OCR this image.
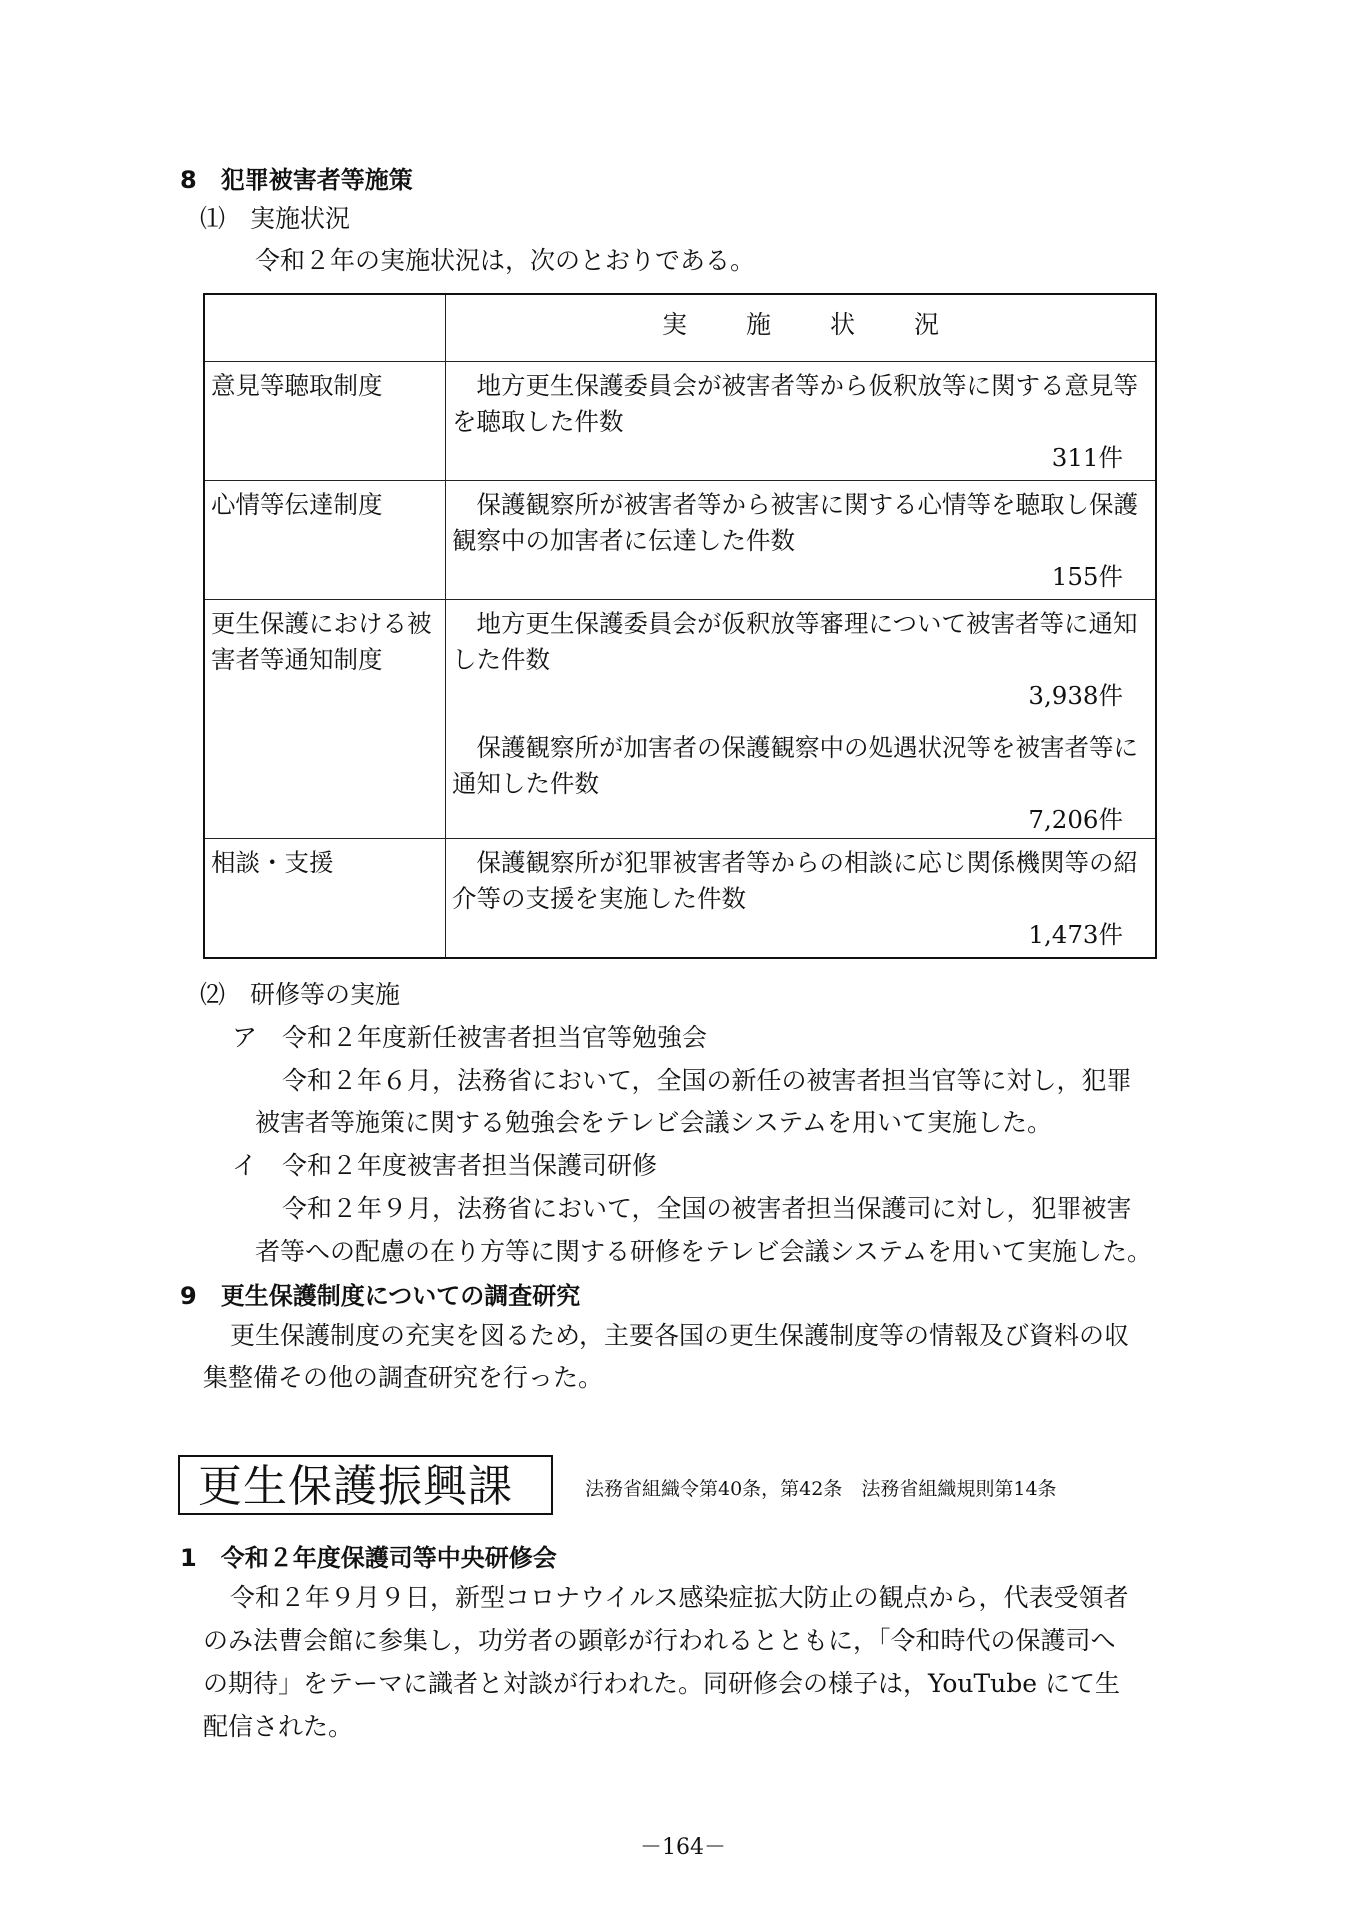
8　犯罪被害者等施策
⑴　実施状況
令和２年の実施状況は，次のとおりである。
	実 施 状 況
意見等聴取制度	地方更生保護委員会が被害者等から仮釈放等に関する意見等を聴取した件数
311件

心情等伝達制度	保護観察所が被害者等から被害に関する心情等を聴取し保護観察中の加害者に伝達した件数
155件

更生保護における被害者等通知制度	地方更生保護委員会が仮釈放等審理について被害者等に通知した件数
3,938件
保護観察所が加害者の保護観察中の処遇状況等を被害者等に通知した件数
7,206件

相談・支援	保護観察所が犯罪被害者等からの相談に応じ関係機関等の紹介等の支援を実施した件数
1,473件
⑵　研修等の実施
ア　令和２年度新任被害者担当官等勉強会
令和２年６月，法務省において，全国の新任の被害者担当官等に対し，犯罪
被害者等施策に関する勉強会をテレビ会議システムを用いて実施した。
イ　令和２年度被害者担当保護司研修
令和２年９月，法務省において，全国の被害者担当保護司に対し，犯罪被害
者等への配慮の在り方等に関する研修をテレビ会議システムを用いて実施した。
9　更生保護制度についての調査研究
更生保護制度の充実を図るため，主要各国の更生保護制度等の情報及び資料の収
集整備その他の調査研究を行った。
更生保護振興課	法務省組織令第40条，第42条　法務省組織規則第14条
1　令和２年度保護司等中央研修会
令和２年９月９日，新型コロナウイルス感染症拡大防止の観点から，代表受領者
のみ法曹会館に参集し，功労者の顕彰が行われるとともに，「令和時代の保護司へ
の期待」をテーマに識者と対談が行われた。同研修会の様子は，YouTube にて生
配信された。
－164－
